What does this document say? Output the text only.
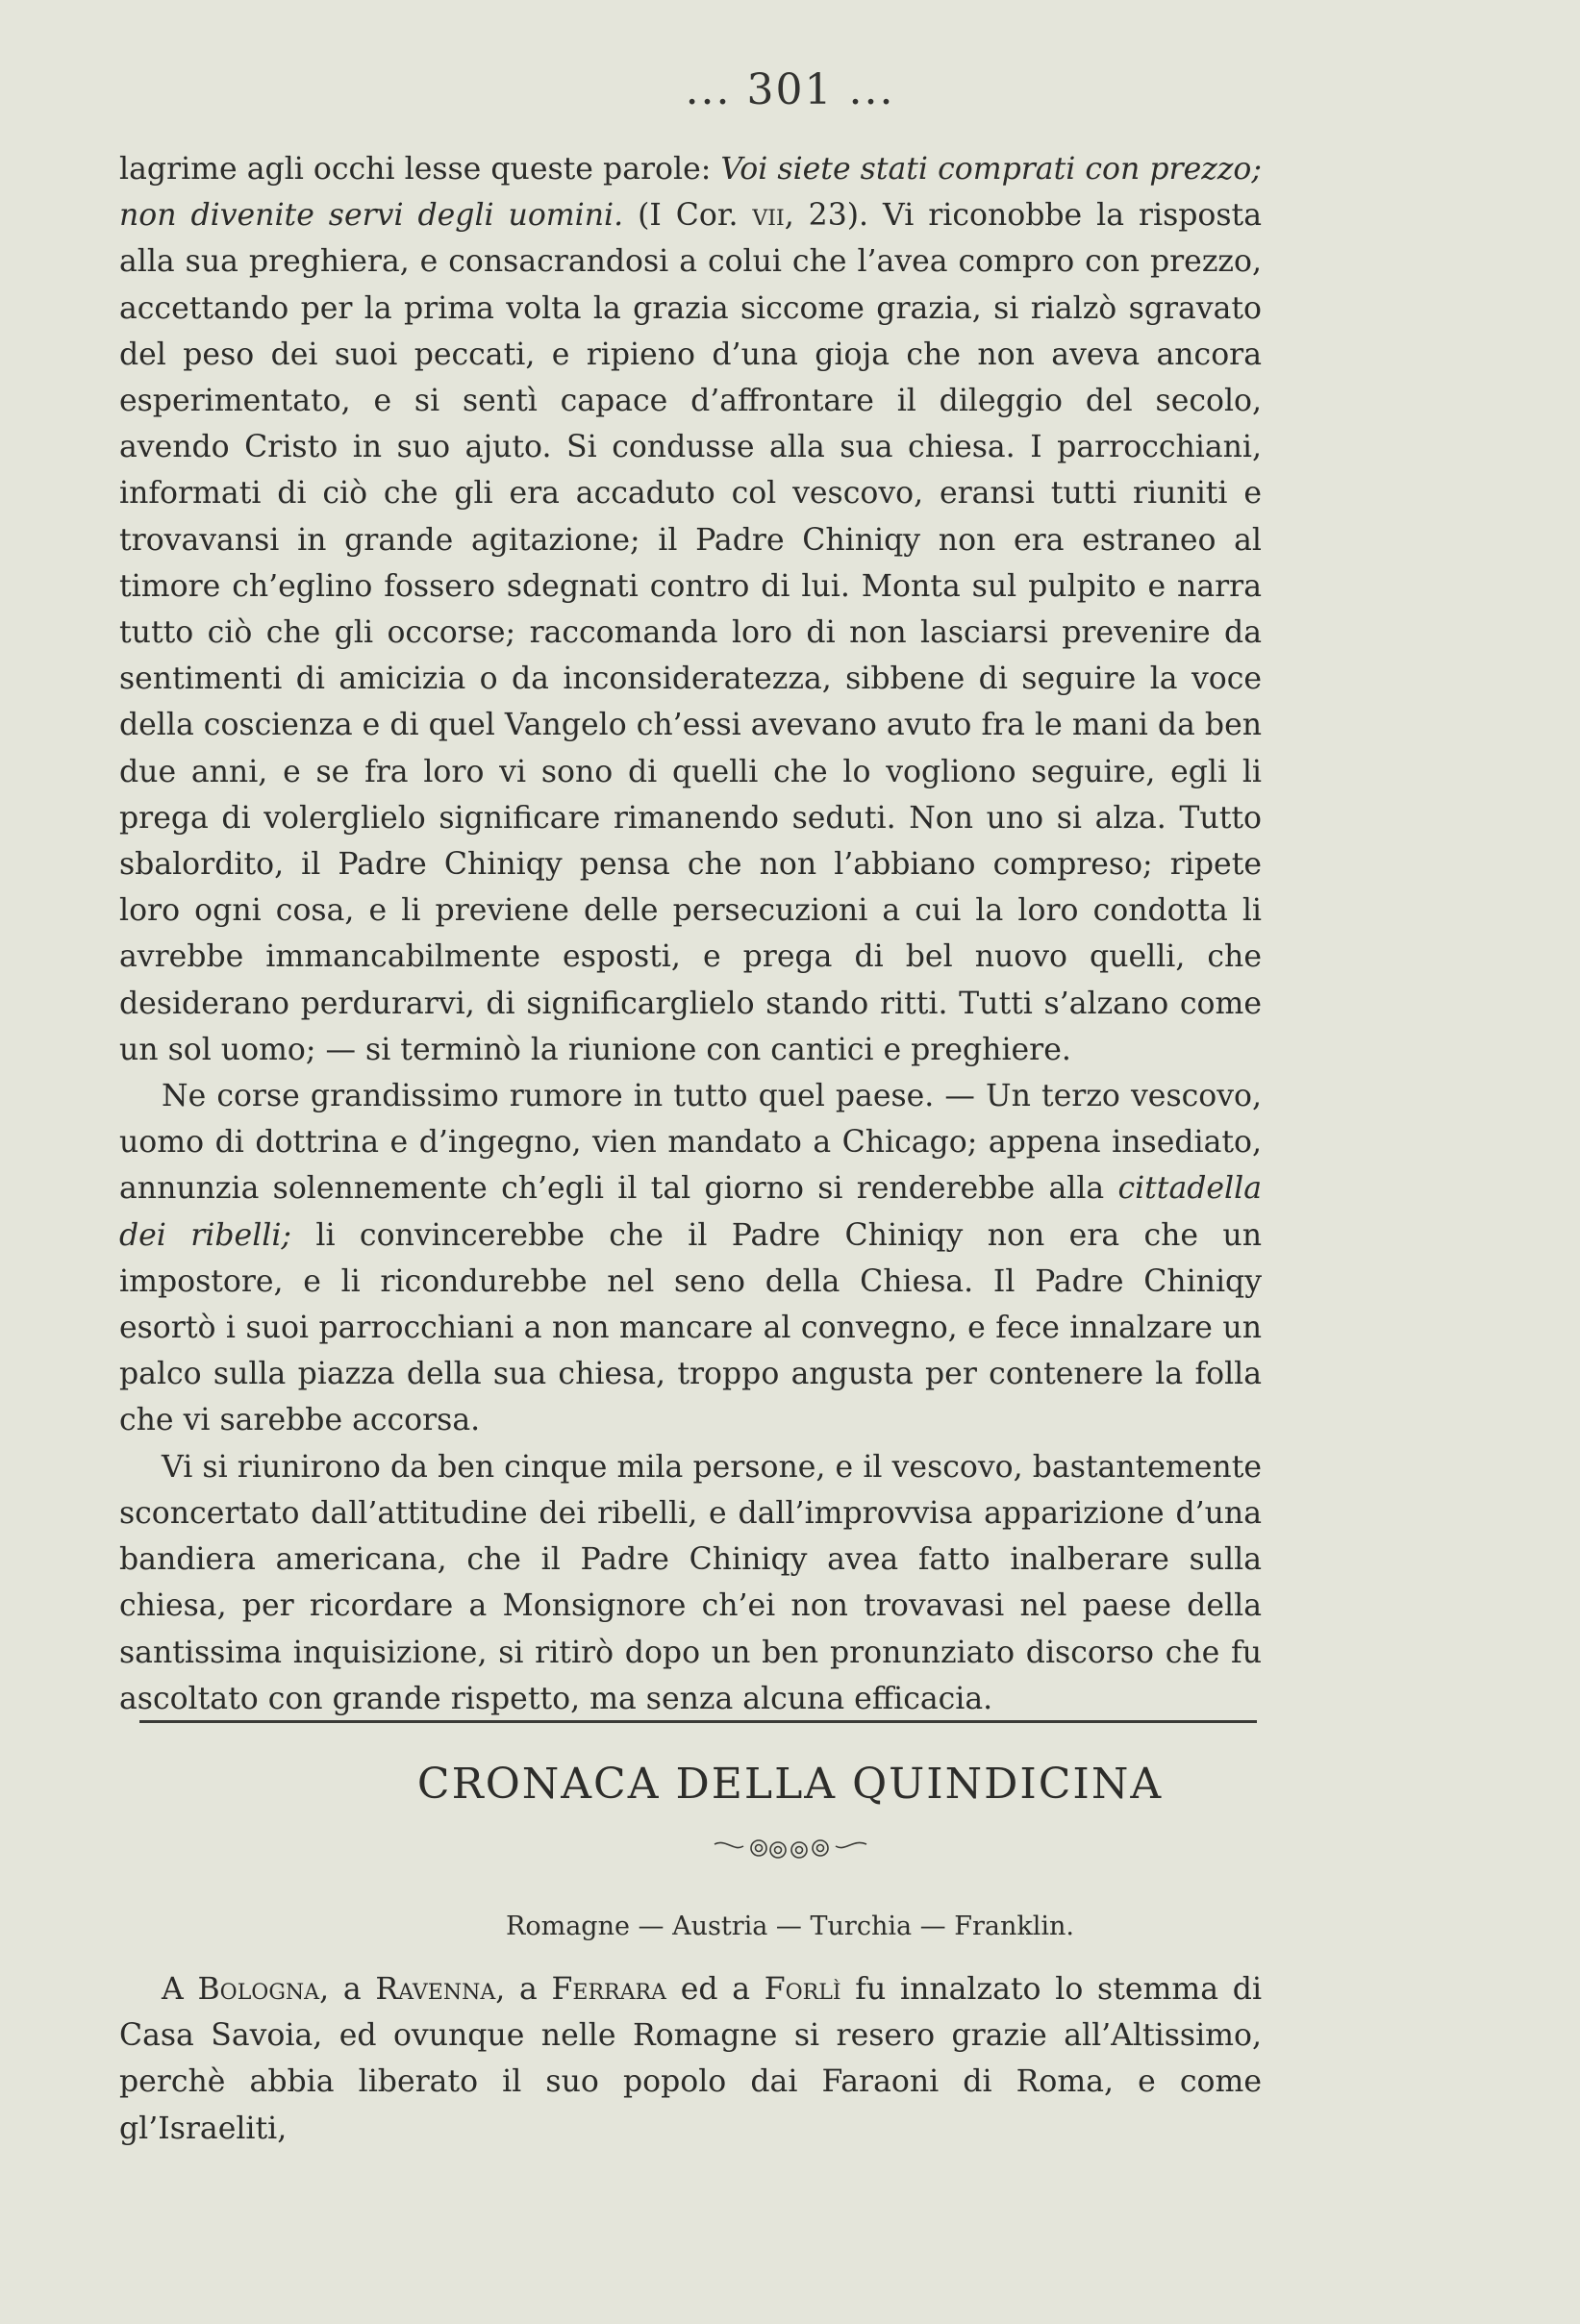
... 301 ...

lagrime agli occhi lesse queste parole: Voi siete stati comprati con prezzo; non divenite servi degli uomini. (I Cor. vii, 23). Vi riconobbe la risposta alla sua preghiera, e consacrandosi a colui che l’avea compro con prezzo, accettando per la prima volta la grazia siccome grazia, si rialzò sgravato del peso dei suoi peccati, e ripieno d’una gioja che non aveva ancora esperimentato, e si sentì capace d’affrontare il dileggio del secolo, avendo Cristo in suo ajuto. Si condusse alla sua chiesa. I parrocchiani, informati di ciò che gli era accaduto col vescovo, eransi tutti riuniti e trovavansi in grande agitazione; il Padre Chiniqy non era estraneo al timore ch’eglino fossero sdegnati contro di lui. Monta sul pulpito e narra tutto ciò che gli occorse; raccomanda loro di non lasciarsi prevenire da sentimenti di amicizia o da inconsideratezza, sibbene di seguire la voce della coscienza e di quel Vangelo ch’essi avevano avuto fra le mani da ben due anni, e se fra loro vi sono di quelli che lo vogliono seguire, egli li prega di volerglielo significare rimanendo seduti. Non uno si alza. Tutto sbalordito, il Padre Chiniqy pensa che non l’abbiano compreso; ripete loro ogni cosa, e li previene delle persecuzioni a cui la loro condotta li avrebbe immancabilmente esposti, e prega di bel nuovo quelli, che desiderano perdurarvi, di significarglielo stando ritti. Tutti s’alzano come un sol uomo; — si terminò la riunione con cantici e preghiere.

Ne corse grandissimo rumore in tutto quel paese. — Un terzo vescovo, uomo di dottrina e d’ingegno, vien mandato a Chicago; appena insediato, annunzia solennemente ch’egli il tal giorno si renderebbe alla cittadella dei ribelli; li convincerebbe che il Padre Chiniqy non era che un impostore, e li ricondurebbe nel seno della Chiesa. Il Padre Chiniqy esortò i suoi parrocchiani a non mancare al convegno, e fece innalzare un palco sulla piazza della sua chiesa, troppo angusta per contenere la folla che vi sarebbe accorsa.

Vi si riunirono da ben cinque mila persone, e il vescovo, bastantemente sconcertato dall’attitudine dei ribelli, e dall’improvvisa apparizione d’una bandiera americana, che il Padre Chiniqy avea fatto inalberare sulla chiesa, per ricordare a Monsignore ch’ei non trovavasi nel paese della santissima inquisizione, si ritirò dopo un ben pronunziato discorso che fu ascoltato con grande rispetto, ma senza alcuna efficacia.

CRONACA DELLA QUINDICINA
Romagne — Austria — Turchia — Franklin.

A Bologna, a Ravenna, a Ferrara ed a Forlì fu innalzato lo stemma di Casa Savoia, ed ovunque nelle Romagne si resero grazie all’Altissimo, perchè abbia liberato il suo popolo dai Faraoni di Roma, e come gl’Israeliti,
